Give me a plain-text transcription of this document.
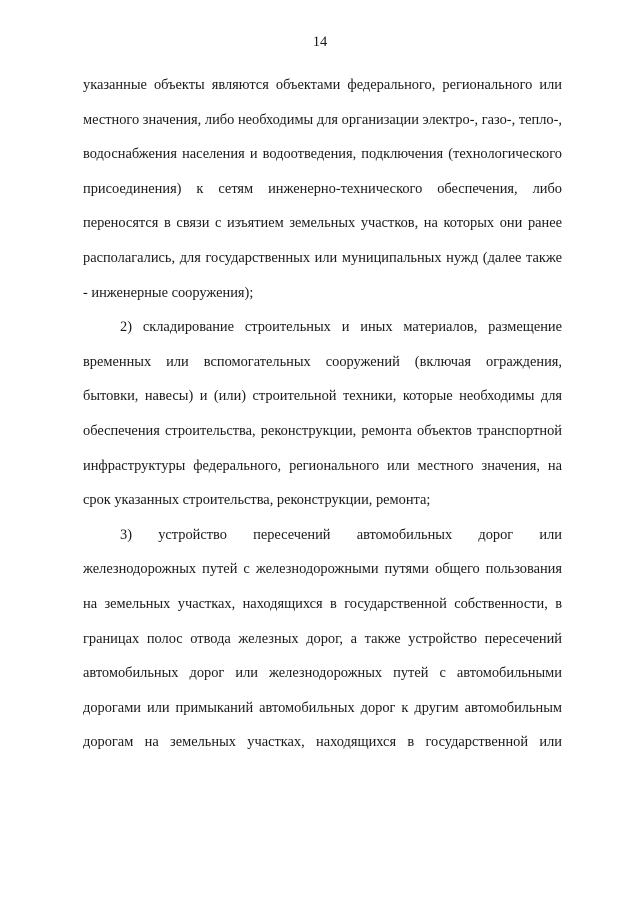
14

указанные объекты являются объектами федерального, регионального или местного значения, либо необходимы для организации электро-, газо-, тепло-, водоснабжения населения и водоотведения, подключения (технологического присоединения) к сетям инженерно-технического обеспечения, либо переносятся в связи с изъятием земельных участков, на которых они ранее располагались, для государственных или муниципальных нужд (далее также - инженерные сооружения);

2) складирование строительных и иных материалов, размещение временных или вспомогательных сооружений (включая ограждения, бытовки, навесы) и (или) строительной техники, которые необходимы для обеспечения строительства, реконструкции, ремонта объектов транспортной инфраструктуры федерального, регионального или местного значения, на срок указанных строительства, реконструкции, ремонта;

3) устройство пересечений автомобильных дорог или железнодорожных путей с железнодорожными путями общего пользования на земельных участках, находящихся в государственной собственности, в границах полос отвода железных дорог, а также устройство пересечений автомобильных дорог или железнодорожных путей с автомобильными дорогами или примыканий автомобильных дорог к другим автомобильным дорогам на земельных участках, находящихся в государственной или
